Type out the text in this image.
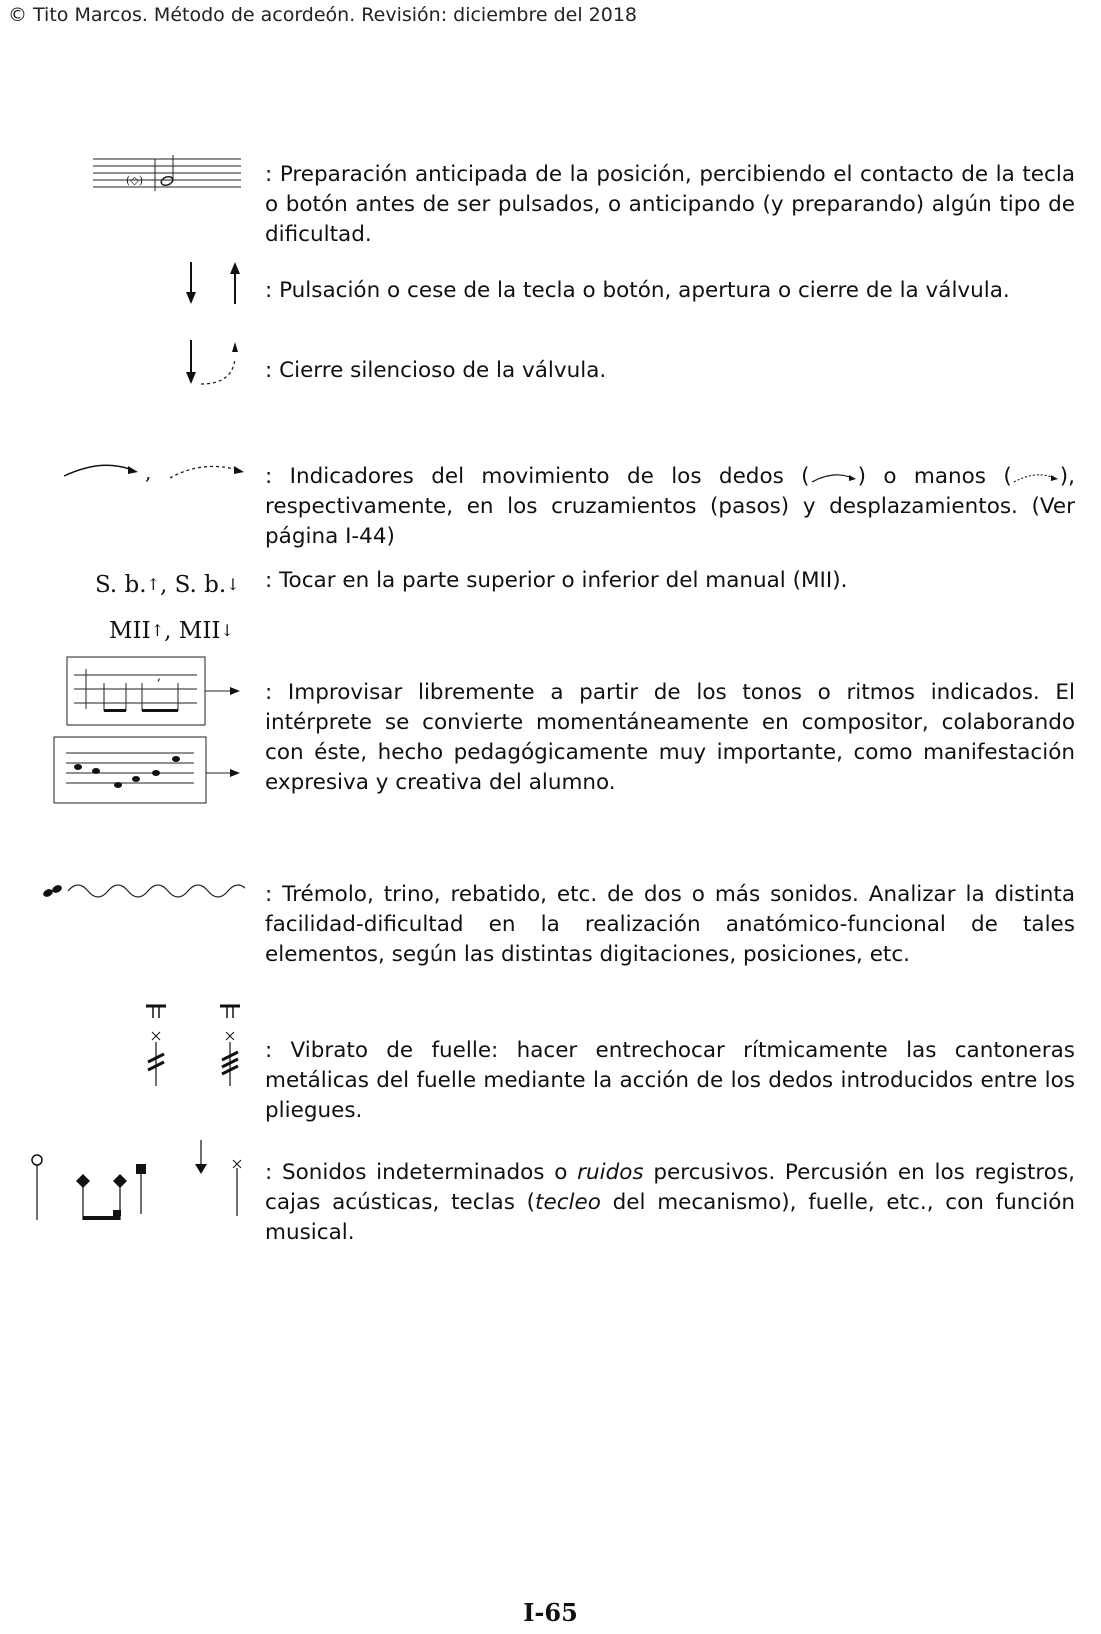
© Tito Marcos. Método de acordeón. Revisión: diciembre del 2018
(◇)	: Preparación anticipada de la posición, percibiendo el contacto de la tecla o botón antes de ser pulsados, o anticipando (y preparando) algún tipo de dificultad.

: Pulsación o cese de la tecla o botón, apertura o cierre de la válvula.

: Cierre silencioso de la válvula.

,	: Indicadores del movimiento de los dedos ( ) o manos ( ), respectivamente, en los cruzamientos (pasos) y desplazamientos. (Ver página I-44)

S. b.↑, S. b.↓
MII↑, MII↓

: Tocar en la parte superior o inferior del manual (MII).

ʼ	: Improvisar libremente a partir de los tonos o ritmos indicados. El intérprete se convierte momentáneamente en compositor, colaborando con éste, hecho pedagógicamente muy importante, como manifestación expresiva y creativa del alumno.

: Trémolo, trino, rebatido, etc. de dos o más sonidos. Analizar la distinta facilidad-dificultad en la realización anatómico-funcional de tales elementos, según las distintas digitaciones, posiciones, etc.

: Vibrato de fuelle: hacer entrechocar rítmicamente las cantoneras metálicas del fuelle mediante la acción de los dedos introducidos entre los pliegues.

: Sonidos indeterminados o ruidos percusivos. Percusión en los registros, cajas acústicas, teclas (tecleo del mecanismo), fuelle, etc., con función musical.

I-65
